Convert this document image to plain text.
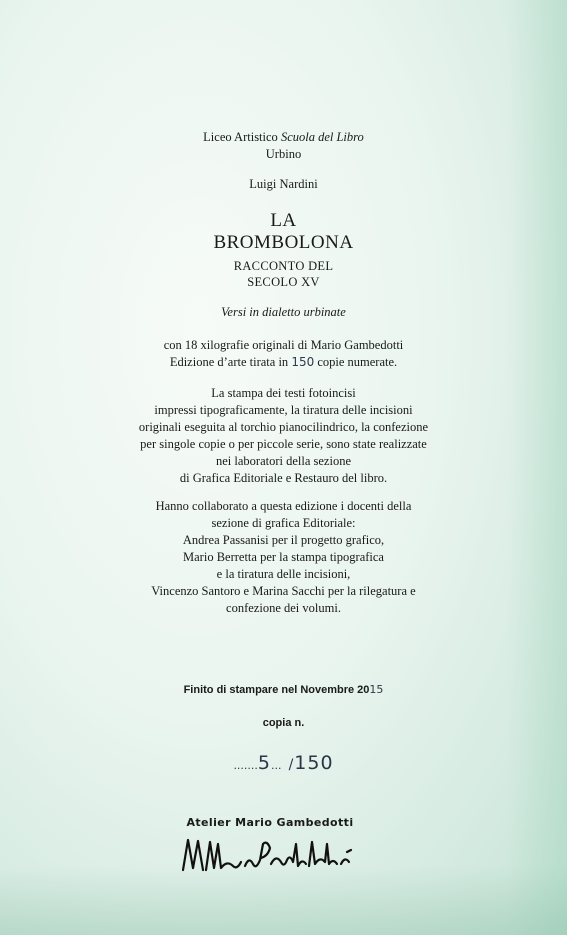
Liceo Artistico Scuola del Libro
Urbino
Luigi Nardini
LA
BROMBOLONA
RACCONTO DEL
SECOLO XV
Versi in dialetto urbinate
con 18 xilografie originali di Mario Gambedotti
Edizione d’arte tirata in 150 copie numerate.
La stampa dei testi fotoincisi
impressi tipograficamente, la tiratura delle incisioni
originali eseguita al torchio pianocilindrico, la confezione
per singole copie o per piccole serie, sono state realizzate
nei laboratori della sezione
di Grafica Editoriale e Restauro del libro.
Hanno collaborato a questa edizione i docenti della
sezione di grafica Editoriale:
Andrea Passanisi per il progetto grafico,
Mario Berretta per la stampa tipografica
e la tiratura delle incisioni,
Vincenzo Santoro e Marina Sacchi per la rilegatura e
confezione dei volumi.
Finito di stampare nel Novembre 2015
copia n.
.......5... /150
Atelier Mario Gambedotti
